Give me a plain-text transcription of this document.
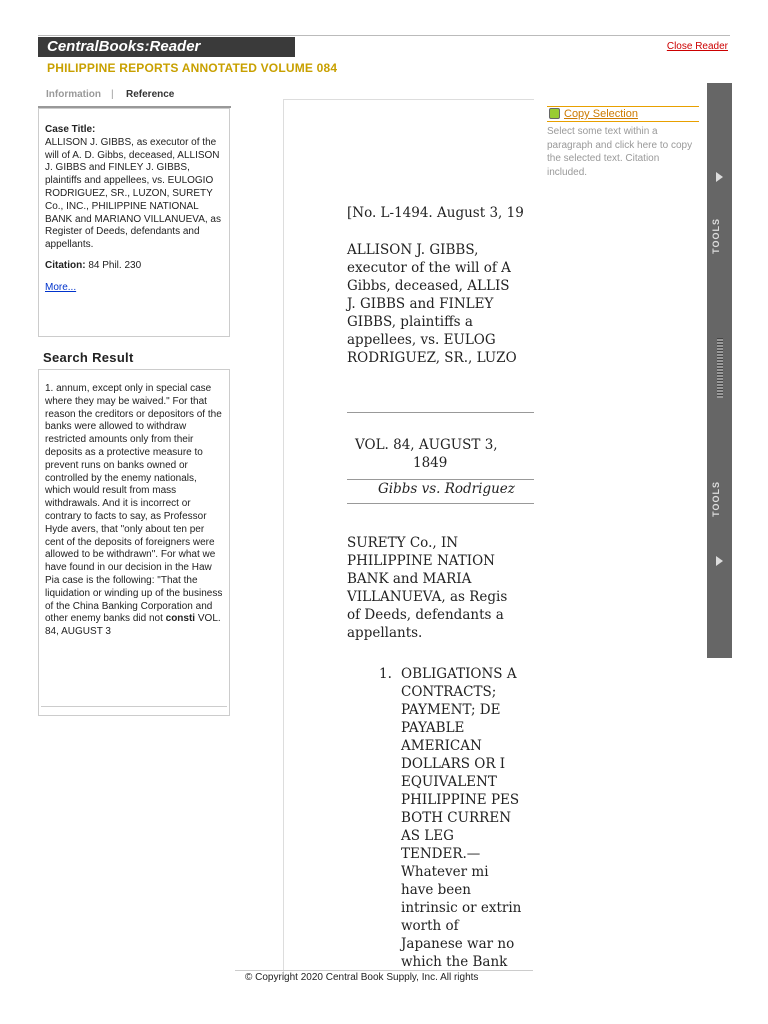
CentralBooks:Reader	Close Reader
PHILIPPINE REPORTS ANNOTATED VOLUME 084
Information | Reference
Case Title:
ALLISON J. GIBBS, as executor of the will of A. D. Gibbs, deceased, ALLISON J. GIBBS and FINLEY J. GIBBS, plaintiffs and appellees, vs. EULOGIO RODRIGUEZ, SR., LUZON, SURETY Co., INC., PHILIPPINE NATIONAL BANK and MARIANO VILLANUEVA, as Register of Deeds, defendants and appellants.
Citation: 84 Phil. 230
More...
Search Result
1. annum, except only in special case where they may be waived." For that reason the creditors or depositors of the banks were allowed to withdraw restricted amounts only from their deposits as a protective measure to prevent runs on banks owned or controlled by the enemy nationals, which would result from mass withdrawals. And it is incorrect or contrary to facts to say, as Professor Hyde avers, that "only about ten per cent of the deposits of foreigners were allowed to be withdrawn". For what we have found in our decision in the Haw Pia case is the following: "That the liquidation or winding up of the business of the China Banking Corporation and other enemy banks did not consti VOL. 84, AUGUST 3
[No. L-1494. August 3, 19
ALLISON J. GIBBS,
executor of the will of A
Gibbs, deceased, ALLIS
J. GIBBS and FINLEY
GIBBS, plaintiffs a
appellees, vs. EULOG
RODRIGUEZ, SR., LUZO
VOL. 84, AUGUST 3,
1849
Gibbs vs. Rodriguez
SURETY Co., IN
PHILIPPINE NATION
BANK and MARIA
VILLANUEVA, as Regis
of Deeds, defendants a
appellants.
1. OBLIGATIONS A
CONTRACTS;
PAYMENT; DE
PAYABLE
AMERICAN
DOLLARS OR I
EQUIVALENT
PHILIPPINE PES
BOTH CURREN
AS LEG
TENDER.—
Whatever mi
have been
intrinsic or extrin
worth of
Japanese war no
which the Bank
Copy Selection
Select some text within a paragraph and click here to copy the selected text. Citation included.
TOOLS
TOOLS
© Copyright 2020 Central Book Supply, Inc. All rights
